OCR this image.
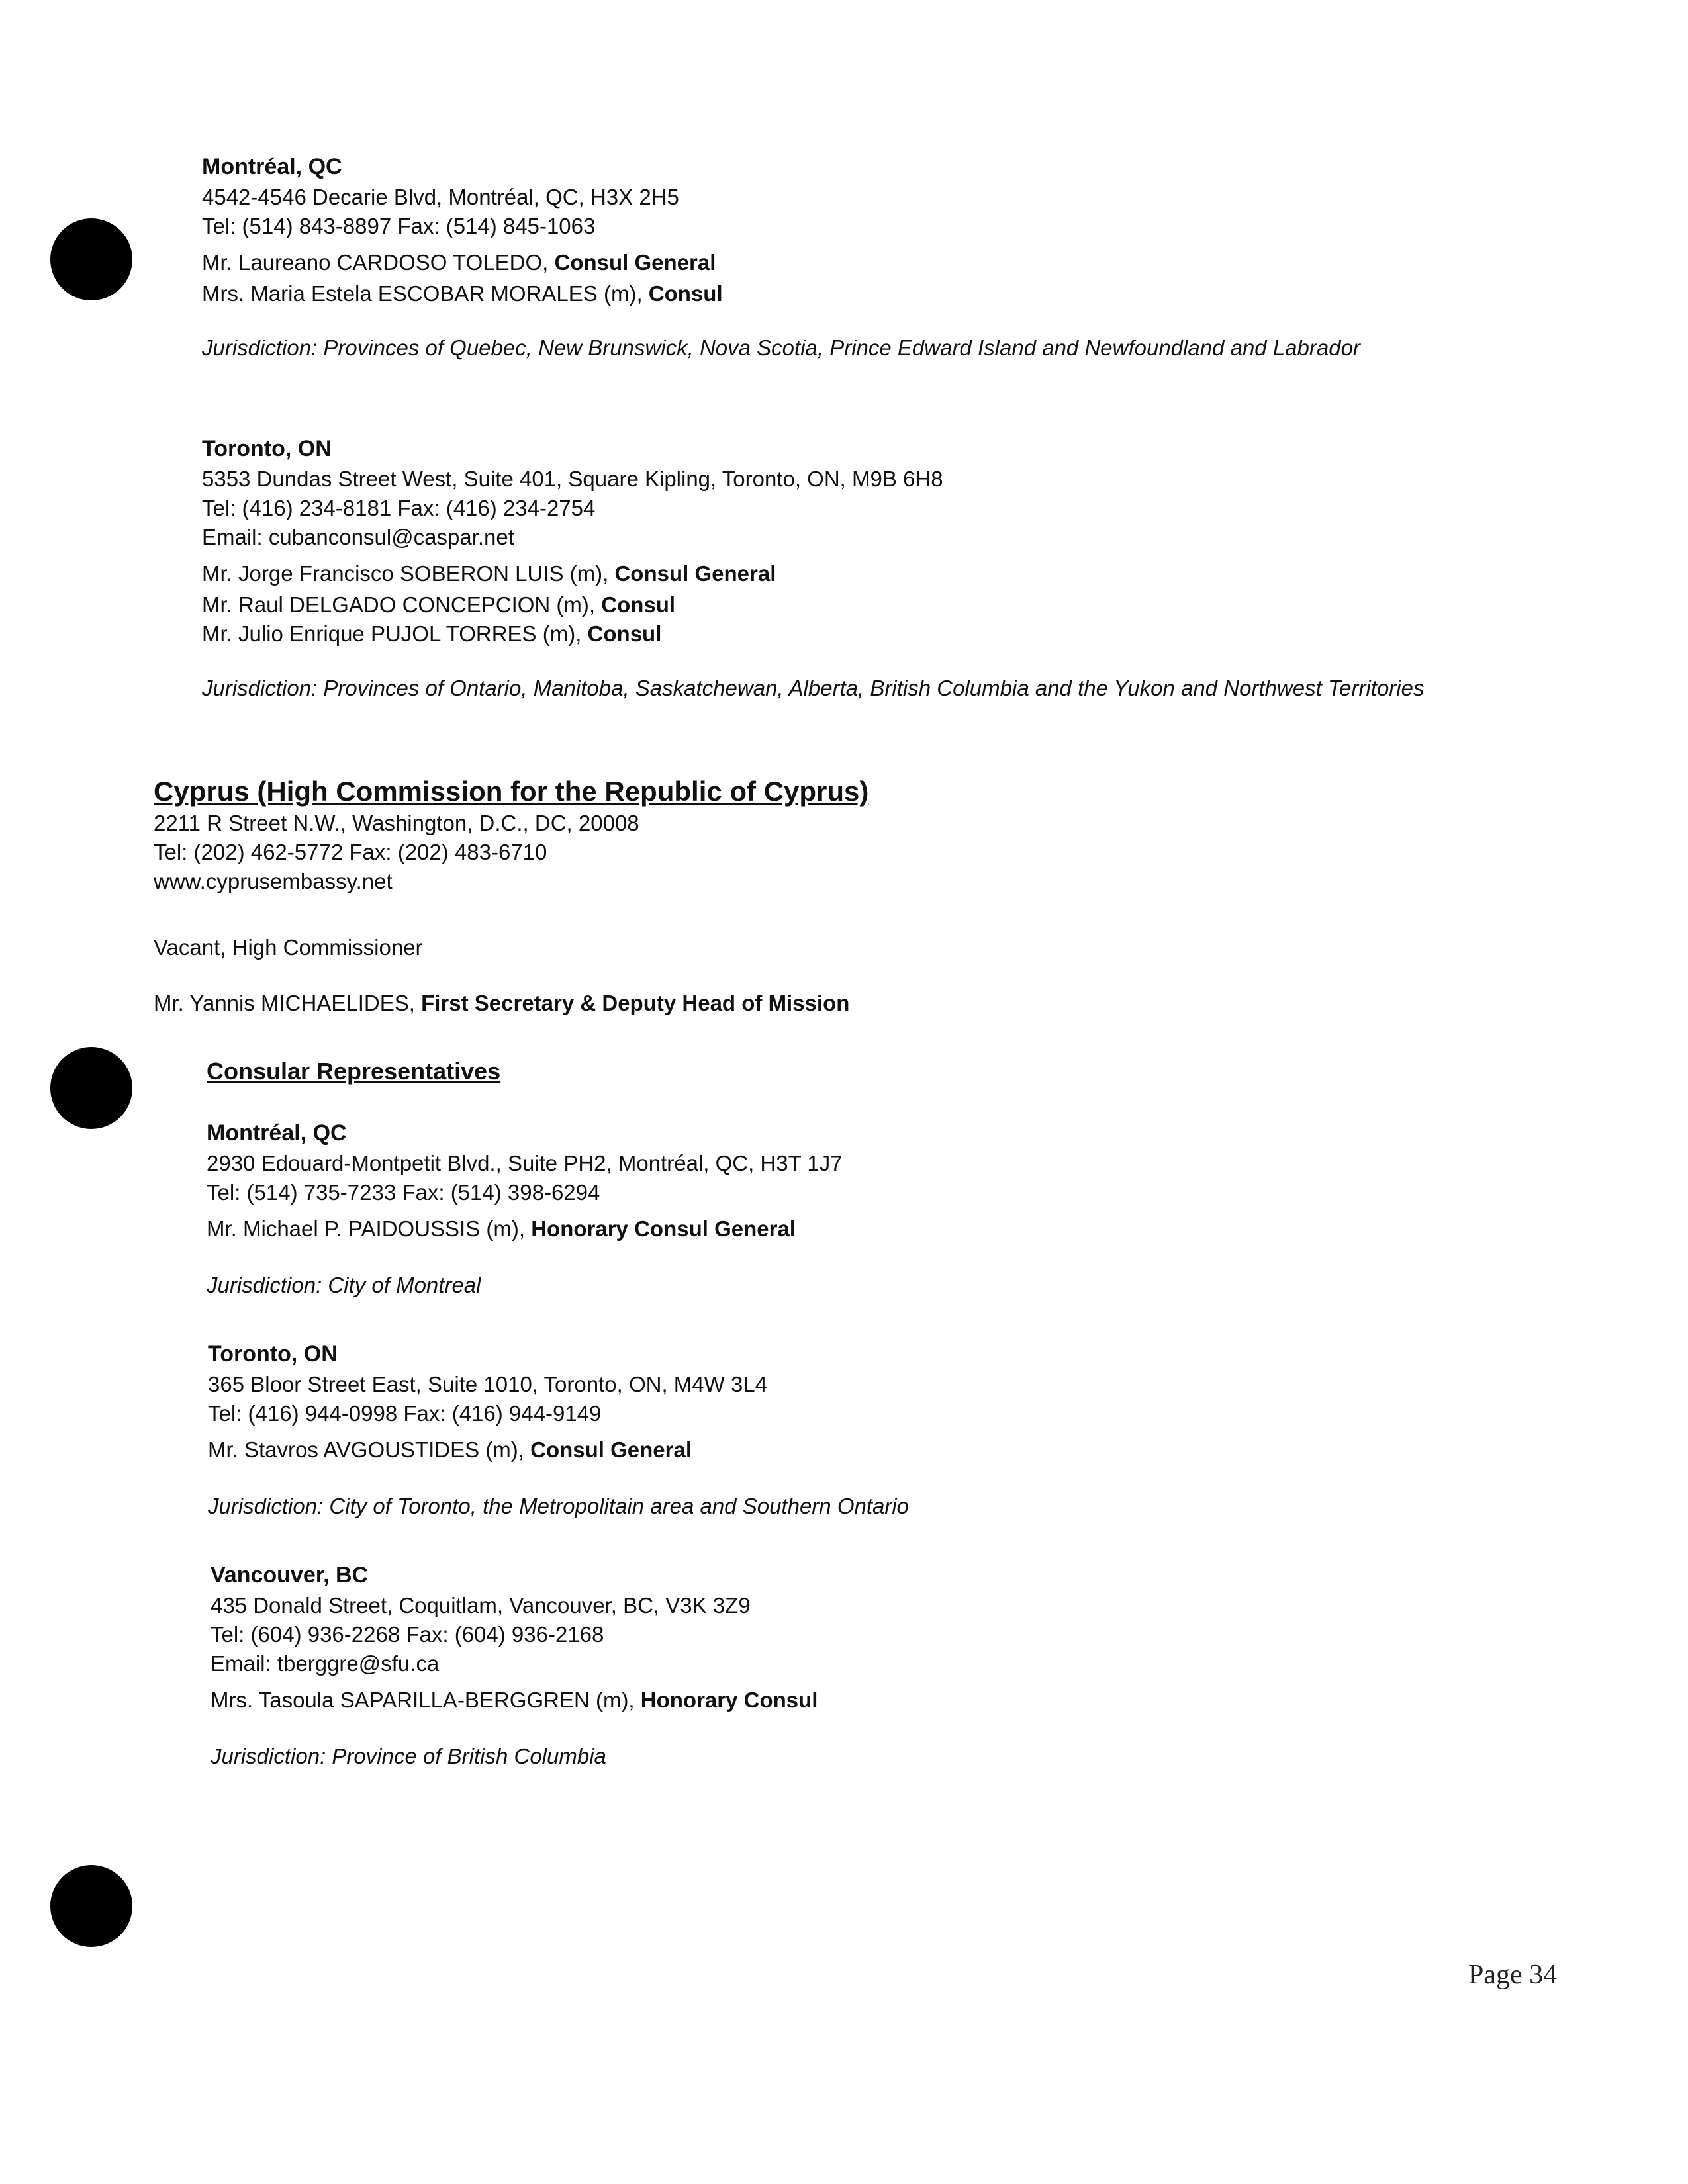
Montréal, QC
4542-4546 Decarie Blvd, Montréal, QC, H3X 2H5
Tel: (514) 843-8897 Fax: (514) 845-1063
Mr. Laureano CARDOSO TOLEDO, Consul General
Mrs. Maria Estela ESCOBAR MORALES (m), Consul
Jurisdiction: Provinces of Quebec, New Brunswick, Nova Scotia, Prince Edward Island and Newfoundland and Labrador
Toronto, ON
5353 Dundas Street West, Suite 401, Square Kipling, Toronto, ON, M9B 6H8
Tel: (416) 234-8181 Fax: (416) 234-2754
Email: cubanconsul@caspar.net
Mr. Jorge Francisco SOBERON LUIS (m), Consul General
Mr. Raul DELGADO CONCEPCION (m), Consul
Mr. Julio Enrique PUJOL TORRES (m), Consul
Jurisdiction: Provinces of Ontario, Manitoba, Saskatchewan, Alberta, British Columbia and the Yukon and Northwest Territories
Cyprus (High Commission for the Republic of Cyprus)
2211 R Street N.W., Washington, D.C., DC, 20008
Tel: (202) 462-5772 Fax: (202) 483-6710
www.cyprusembassy.net
Vacant, High Commissioner
Mr. Yannis MICHAELIDES, First Secretary & Deputy Head of Mission
Consular Representatives
Montréal, QC
2930 Edouard-Montpetit Blvd., Suite PH2, Montréal, QC, H3T 1J7
Tel: (514) 735-7233 Fax: (514) 398-6294
Mr. Michael P. PAIDOUSSIS (m), Honorary Consul General
Jurisdiction: City of Montreal
Toronto, ON
365 Bloor Street East, Suite 1010, Toronto, ON, M4W 3L4
Tel: (416) 944-0998 Fax: (416) 944-9149
Mr. Stavros AVGOUSTIDES (m), Consul General
Jurisdiction: City of Toronto, the Metropolitain area and Southern Ontario
Vancouver, BC
435 Donald Street, Coquitlam, Vancouver, BC, V3K 3Z9
Tel: (604) 936-2268 Fax: (604) 936-2168
Email: tberggre@sfu.ca
Mrs. Tasoula SAPARILLA-BERGGREN (m), Honorary Consul
Jurisdiction: Province of British Columbia
Page 34
